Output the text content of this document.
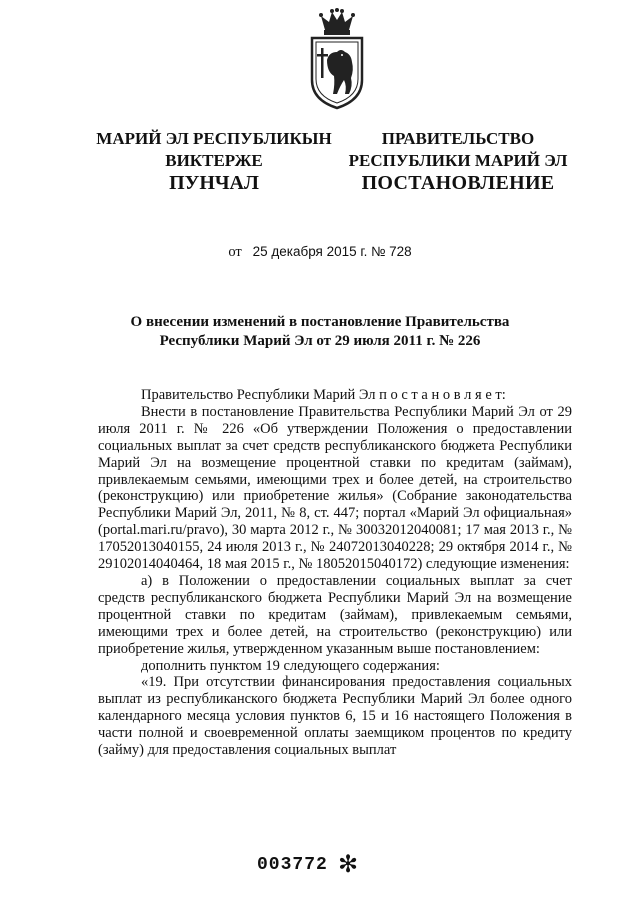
МАРИЙ ЭЛ РЕСПУБЛИКЫН
ВИКТЕРЖЕ
ПРАВИТЕЛЬСТВО
РЕСПУБЛИКИ МАРИЙ ЭЛ
ПУНЧАЛ	ПОСТАНОВЛЕНИЕ
от 25 декабря 2015 г. № 728
О внесении изменений в постановление Правительства Республики Марий Эл от 29 июля 2011 г. № 226

Правительство Республики Марий Эл п о с т а н о в л я е т:

Внести в постановление Правительства Республики Марий Эл от 29 июля 2011 г. № 226 «Об утверждении Положения о предоставлении социальных выплат за счет средств республиканского бюджета Республики Марий Эл на возмещение процентной ставки по кредитам (займам), привлекаемым семьями, имеющими трех и более детей, на строительство (реконструкцию) или приобретение жилья» (Собрание законодательства Республики Марий Эл, 2011, № 8, ст. 447; портал «Марий Эл официальная» (portal.mari.ru/pravo), 30 марта 2012 г., № 30032012040081; 17 мая 2013 г., № 17052013040155, 24 июля 2013 г., № 24072013040228; 29 октября 2014 г., № 29102014040464, 18 мая 2015 г., № 18052015040172) следующие изменения:

а) в Положении о предоставлении социальных выплат за счет средств республиканского бюджета Республики Марий Эл на возмещение процентной ставки по кредитам (займам), привлекаемым семьями, имеющими трех и более детей, на строительство (реконструкцию) или приобретение жилья, утвержденном указанным выше постановлением:

дополнить пунктом 19 следующего содержания:

«19. При отсутствии финансирования предоставления социальных выплат из республиканского бюджета Республики Марий Эл более одного календарного месяца условия пунктов 6, 15 и 16 настоящего Положения в части полной и своевременной оплаты заемщиком процентов по кредиту (займу) для предоставления социальных выплат

003772 ✻
